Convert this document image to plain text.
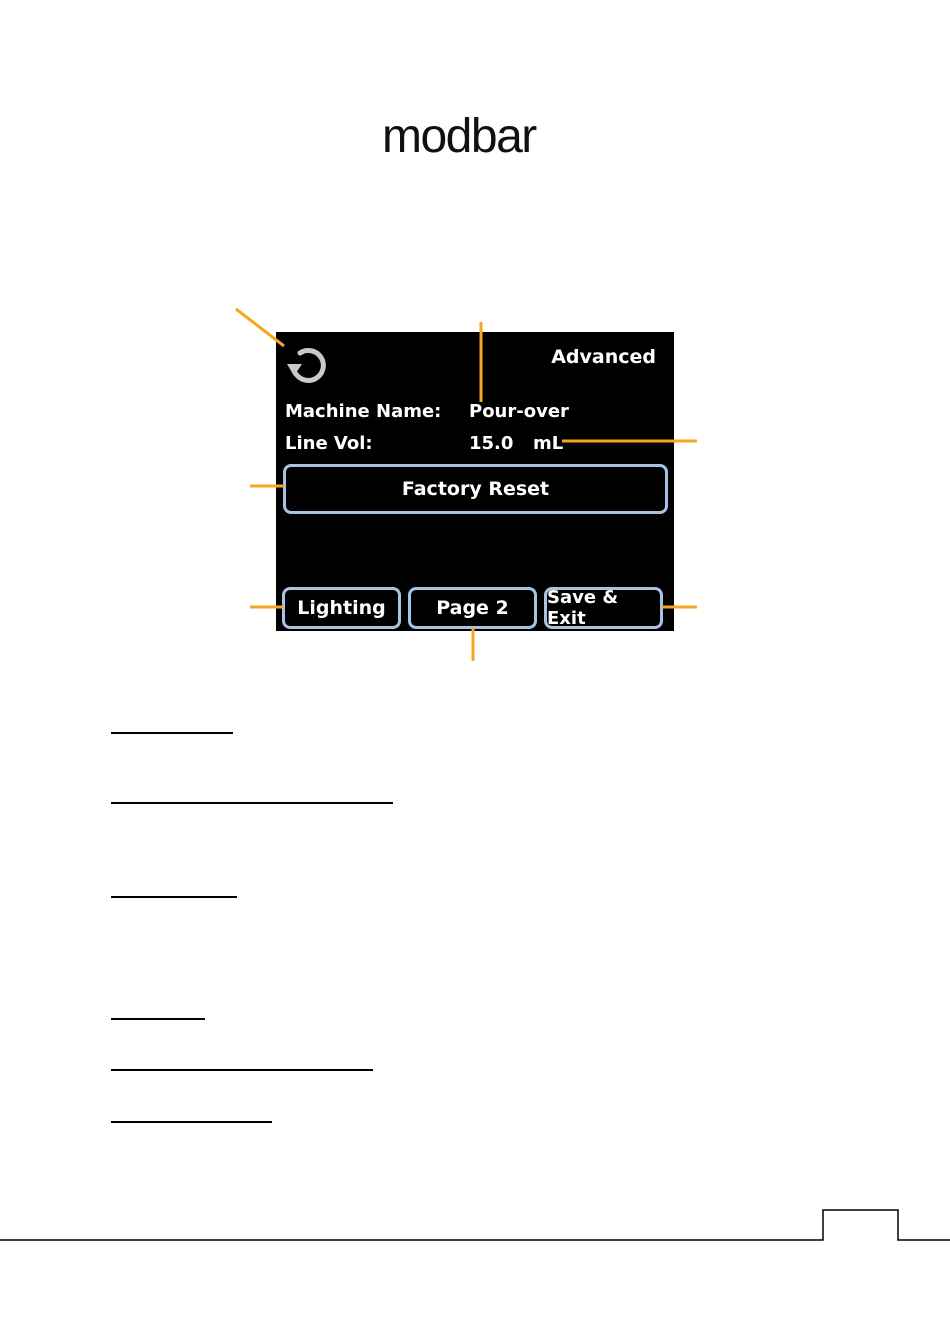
modbar
Advanced
Machine Name: Pour-over
Line Vol:	15.0 mL
Factory Reset
Lighting	Page 2	Save & Exit
